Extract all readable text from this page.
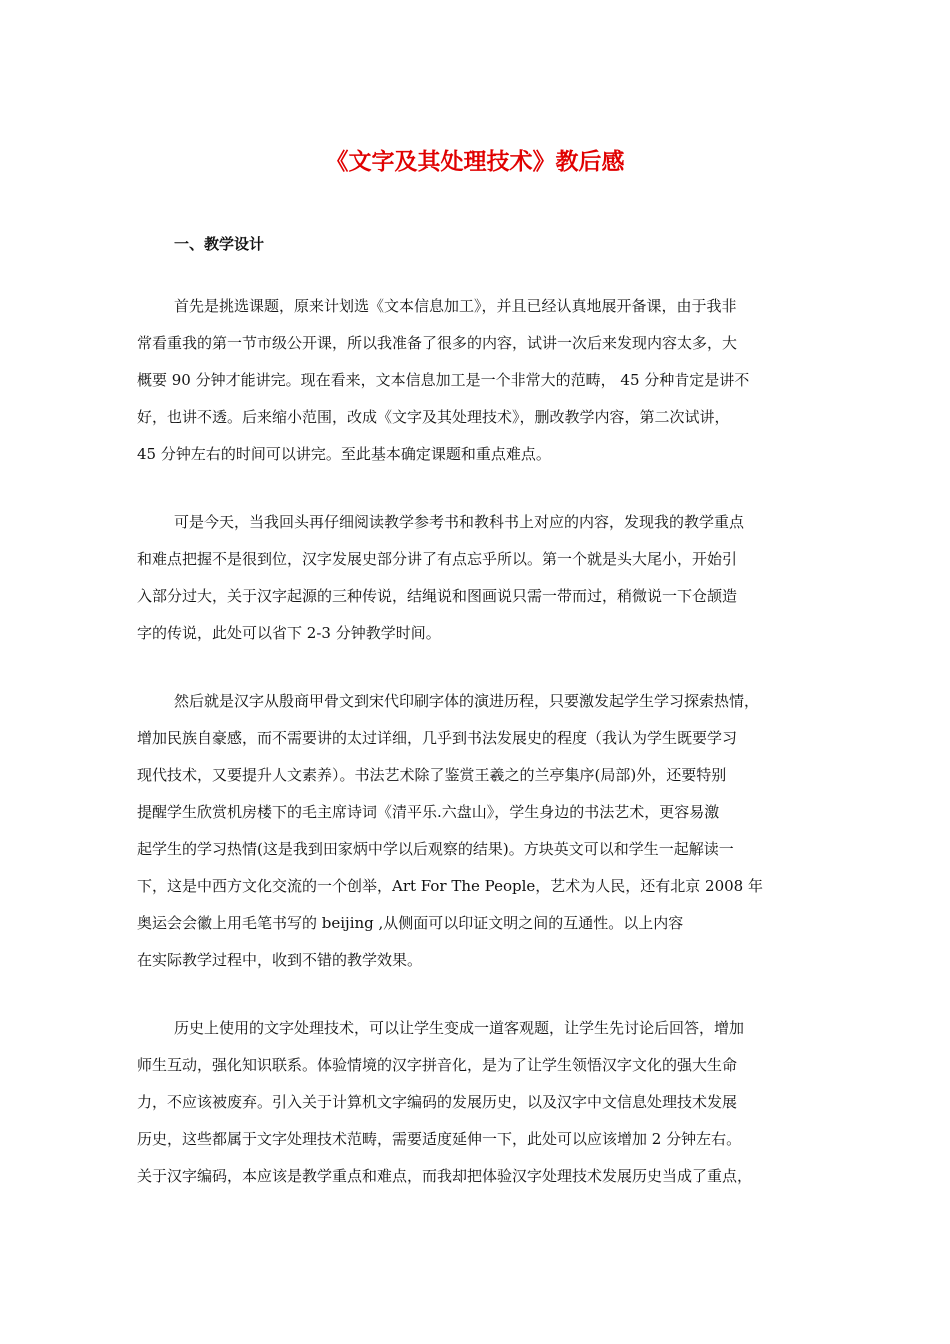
《文字及其处理技术》教后感
一、教学设计
首先是挑选课题，原来计划选《文本信息加工》，并且已经认真地展开备课，由于我非
常看重我的第一节市级公开课，所以我准备了很多的内容，试讲一次后来发现内容太多，大
概要 90 分钟才能讲完。现在看来，文本信息加工是一个非常大的范畴， 45 分种肯定是讲不
好，也讲不透。后来缩小范围，改成《文字及其处理技术》，删改教学内容，第二次试讲，
45 分钟左右的时间可以讲完。至此基本确定课题和重点难点。
可是今天，当我回头再仔细阅读教学参考书和教科书上对应的内容，发现我的教学重点
和难点把握不是很到位，汉字发展史部分讲了有点忘乎所以。第一个就是头大尾小，开始引
入部分过大，关于汉字起源的三种传说，结绳说和图画说只需一带而过，稍微说一下仓颉造
字的传说，此处可以省下 2-3 分钟教学时间。
然后就是汉字从殷商甲骨文到宋代印刷字体的演进历程，只要激发起学生学习探索热情，
增加民族自豪感，而不需要讲的太过详细，几乎到书法发展史的程度（我认为学生既要学习
现代技术，又要提升人文素养）。书法艺术除了鉴赏王羲之的兰亭集序(局部)外，还要特别
提醒学生欣赏机房楼下的毛主席诗词《清平乐.六盘山》，学生身边的书法艺术，更容易激
起学生的学习热情(这是我到田家炳中学以后观察的结果)。方块英文可以和学生一起解读一
下，这是中西方文化交流的一个创举，Art For The People，艺术为人民，还有北京 2008 年
奥运会会徽上用毛笔书写的 beijing ,从侧面可以印证文明之间的互通性。以上内容
在实际教学过程中，收到不错的教学效果。
历史上使用的文字处理技术，可以让学生变成一道客观题，让学生先讨论后回答，增加
师生互动，强化知识联系。体验情境的汉字拼音化，是为了让学生领悟汉字文化的强大生命
力，不应该被废弃。引入关于计算机文字编码的发展历史，以及汉字中文信息处理技术发展
历史，这些都属于文字处理技术范畴，需要适度延伸一下，此处可以应该增加 2 分钟左右。
关于汉字编码，本应该是教学重点和难点，而我却把体验汉字处理技术发展历史当成了重点，
